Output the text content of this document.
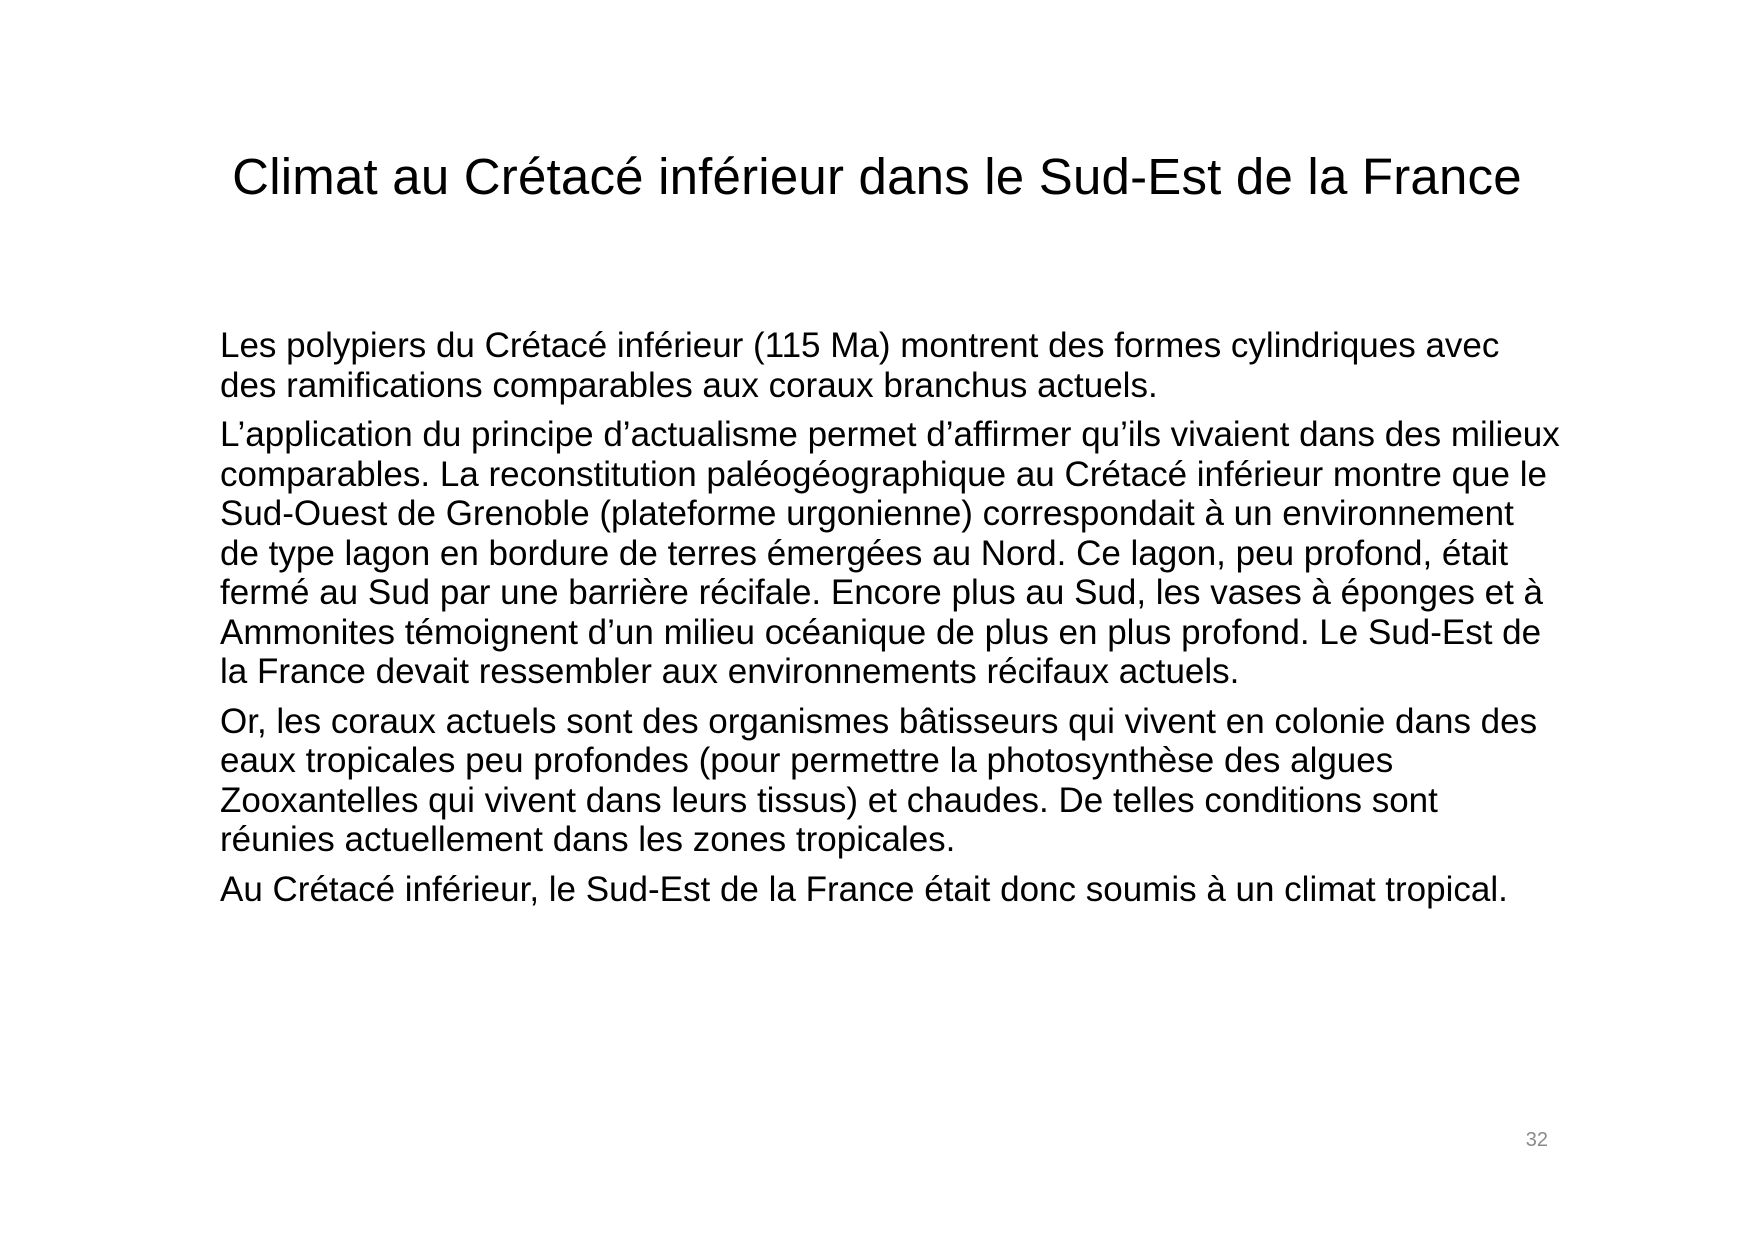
Climat au Crétacé inférieur dans le Sud-Est de la France

Les polypiers du Crétacé inférieur (115 Ma) montrent des formes cylindriques avec des ramifications comparables aux coraux branchus actuels.

L’application du principe d’actualisme permet d’affirmer qu’ils vivaient dans des milieux comparables. La reconstitution paléogéographique au Crétacé inférieur montre que le Sud-Ouest de Grenoble (plateforme urgonienne) correspondait à un environnement de type lagon en bordure de terres émergées au Nord. Ce lagon, peu profond, était fermé au Sud par une barrière récifale. Encore plus au Sud, les vases à éponges et à Ammonites témoignent d’un milieu océanique de plus en plus profond. Le Sud-Est de la France devait ressembler aux environnements récifaux actuels.

Or, les coraux actuels sont des organismes bâtisseurs qui vivent en colonie dans des eaux tropicales peu profondes (pour permettre la photosynthèse des algues Zooxantelles qui vivent dans leurs tissus) et chaudes. De telles conditions sont réunies actuellement dans les zones tropicales.

Au Crétacé inférieur, le Sud-Est de la France était donc soumis à un climat tropical.

32
